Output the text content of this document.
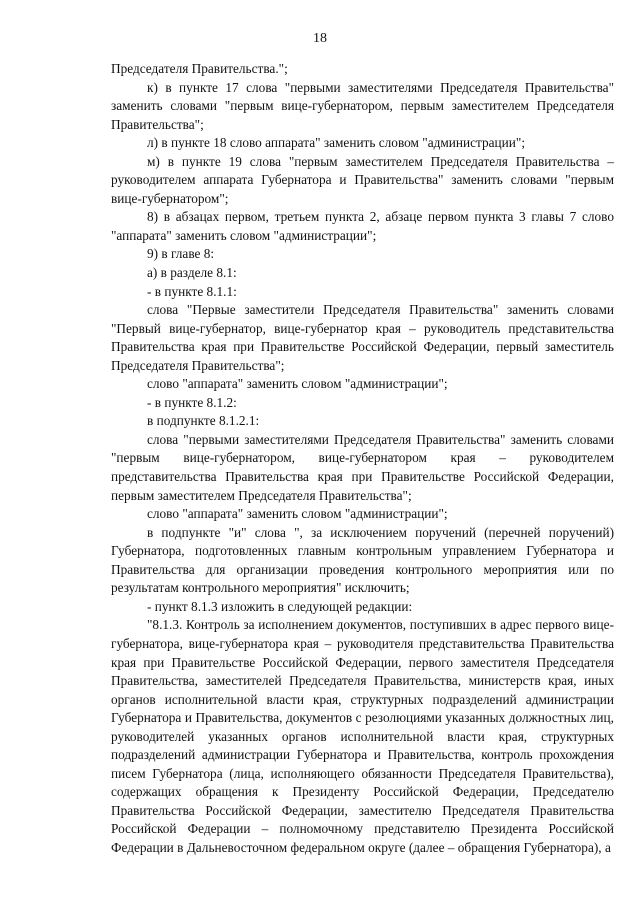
18

Председателя Правительства.";

к) в пункте 17 слова "первыми заместителями Председателя Правительства" заменить словами "первым вице-губернатором, первым заместителем Председателя Правительства";

л) в пункте 18 слово аппарата" заменить словом "администрации";

м) в пункте 19 слова "первым заместителем Председателя Правительства – руководителем аппарата Губернатора и Правительства" заменить словами "первым вице-губернатором";

8) в абзацах первом, третьем пункта 2, абзаце первом пункта 3 главы 7 слово "аппарата" заменить словом "администрации";

9) в главе 8:

а) в разделе 8.1:

- в пункте 8.1.1:

слова "Первые заместители Председателя Правительства" заменить словами "Первый вице-губернатор, вице-губернатор края – руководитель представительства Правительства края при Правительстве Российской Федерации, первый заместитель Председателя Правительства";

слово "аппарата" заменить словом "администрации";

- в пункте 8.1.2:

в подпункте 8.1.2.1:

слова "первыми заместителями Председателя Правительства" заменить словами "первым вице-губернатором, вице-губернатором края – руководителем представительства Правительства края при Правительстве Российской Федерации, первым заместителем Председателя Правительства";

слово "аппарата" заменить словом "администрации";

в подпункте "и" слова ", за исключением поручений (перечней поручений) Губернатора, подготовленных главным контрольным управлением Губернатора и Правительства для организации проведения контрольного мероприятия или по результатам контрольного мероприятия" исключить;

- пункт 8.1.3 изложить в следующей редакции:

"8.1.3. Контроль за исполнением документов, поступивших в адрес первого вице-губернатора, вице-губернатора края – руководителя представительства Правительства края при Правительстве Российской Федерации, первого заместителя Председателя Правительства, заместителей Председателя Правительства, министерств края, иных органов исполнительной власти края, структурных подразделений администрации Губернатора и Правительства, документов с резолюциями указанных должностных лиц, руководителей указанных органов исполнительной власти края, структурных подразделений администрации Губернатора и Правительства, контроль прохождения писем Губернатора (лица, исполняющего обязанности Председателя Правительства), содержащих обращения к Президенту Российской Федерации, Председателю Правительства Российской Федерации, заместителю Председателя Правительства Российской Федерации – полномочному представителю Президента Российской Федерации в Дальневосточном федеральном округе (далее – обращения Губернатора), а
